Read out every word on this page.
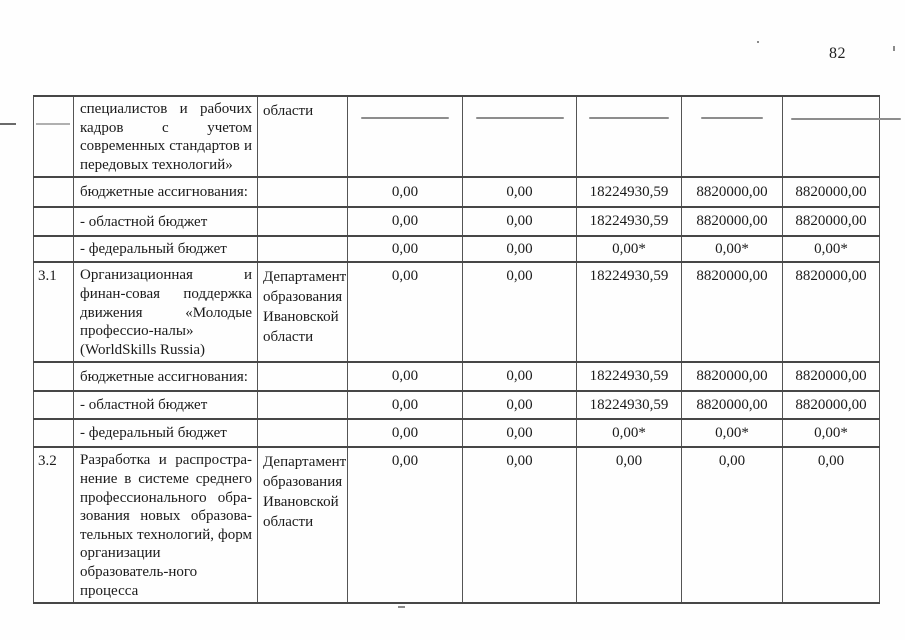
82
	специалистов и рабочих кадров с учетом современных стандартов и передовых технологий»	области	

	бюджетные ассигнования:		0,00	0,00	18224930,59	8820000,00	8820000,00
	- областной бюджет		0,00	0,00	18224930,59	8820000,00	8820000,00
	- федеральный бюджет		0,00	0,00	0,00*	0,00*	0,00*
3.1	Организационная и финан-совая поддержка движения «Молодые профессио-налы» (WorldSkills Russia)	Департамент образования Ивановской области	0,00	0,00	18224930,59	8820000,00	8820000,00
	бюджетные ассигнования:		0,00	0,00	18224930,59	8820000,00	8820000,00
	- областной бюджет		0,00	0,00	18224930,59	8820000,00	8820000,00
	- федеральный бюджет		0,00	0,00	0,00*	0,00*	0,00*
3.2	Разработка и распростра-нение в системе среднего профессионального обра-зования новых образова-тельных технологий, форм организации образователь-ного процесса	Департамент образования Ивановской области	0,00	0,00	0,00	0,00	0,00
